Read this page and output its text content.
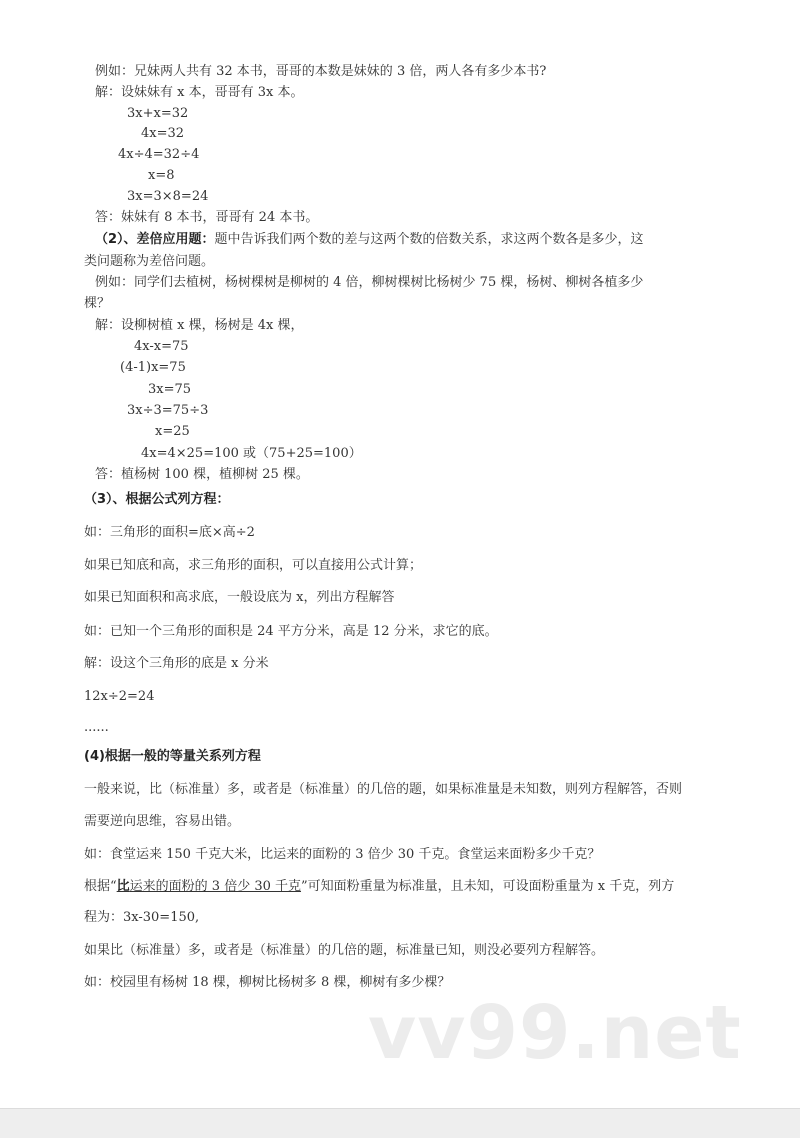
例如：兄妹两人共有 32 本书，哥哥的本数是妹妹的 3 倍，两人各有多少本书?
解：设妹妹有 x 本，哥哥有 3x 本。
3x+x=32
4x=32
4x÷4=32÷4
x=8
3x=3×8=24
答：妹妹有 8 本书，哥哥有 24 本书。
（2）、差倍应用题：题中告诉我们两个数的差与这两个数的倍数关系，求这两个数各是多少，这
类问题称为差倍问题。
例如：同学们去植树，杨树棵树是柳树的 4 倍，柳树棵树比杨树少 75 棵，杨树、柳树各植多少
棵？
解：设柳树植 x 棵，杨树是 4x 棵，
4x-x=75
(4-1)x=75
3x=75
3x÷3=75÷3
x=25
4x=4×25=100 或（75+25=100）
答：植杨树 100 棵，植柳树 25 棵。
（3）、根据公式列方程：
如：三角形的面积=底×高÷2
如果已知底和高，求三角形的面积，可以直接用公式计算；
如果已知面积和高求底，一般设底为 x，列出方程解答
如：已知一个三角形的面积是 24 平方分米，高是 12 分米，求它的底。
解：设这个三角形的底是 x 分米
12x÷2=24
......
(4)根据一般的等量关系列方程
一般来说，比（标准量）多，或者是（标准量）的几倍的题，如果标准量是未知数，则列方程解答，否则
需要逆向思维，容易出错。
如：食堂运来 150 千克大米，比运来的面粉的 3 倍少 30 千克。食堂运来面粉多少千克？
根据“比运来的面粉的 3 倍少 30 千克”可知面粉重量为标准量，且未知，可设面粉重量为 x 千克，列方
程为：3x-30=150,
如果比（标准量）多，或者是（标准量）的几倍的题，标准量已知，则没必要列方程解答。
如：校园里有杨树 18 棵，柳树比杨树多 8 棵，柳树有多少棵？
vv99.net
